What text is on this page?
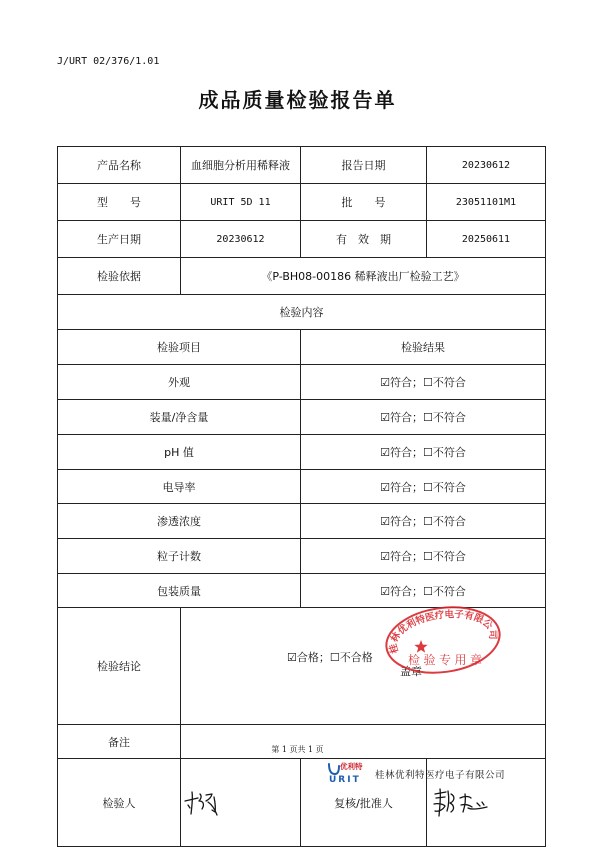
J/URT 02/376/1.01
成品质量检验报告单
产品名称	血细胞分析用稀释液	报告日期	20230612
型　　号	URIT 5D 11	批　　号	23051101M1
生产日期	20230612	有　效　期	20250611
检验依据	《P-BH08-00186 稀释液出厂检验工艺》		
检验内容			
检验项目		检验结果	
外观		☑符合；☐不符合	
装量/净含量		☑符合；☐不符合	
pH 值		☑符合；☐不符合	
电导率		☑符合；☐不符合	
渗透浓度		☑符合；☐不符合	
粒子计数		☑符合；☐不符合	
包装质量		☑符合；☐不符合	
检验结论	☑合格；☐不合格

盖章		

备注			
检验人		复核/批准人	

桂林优利特医疗电子有限公司
检验专用章
第 1 页共 1 页
优利特
URIT 桂林优利特医疗电子有限公司
